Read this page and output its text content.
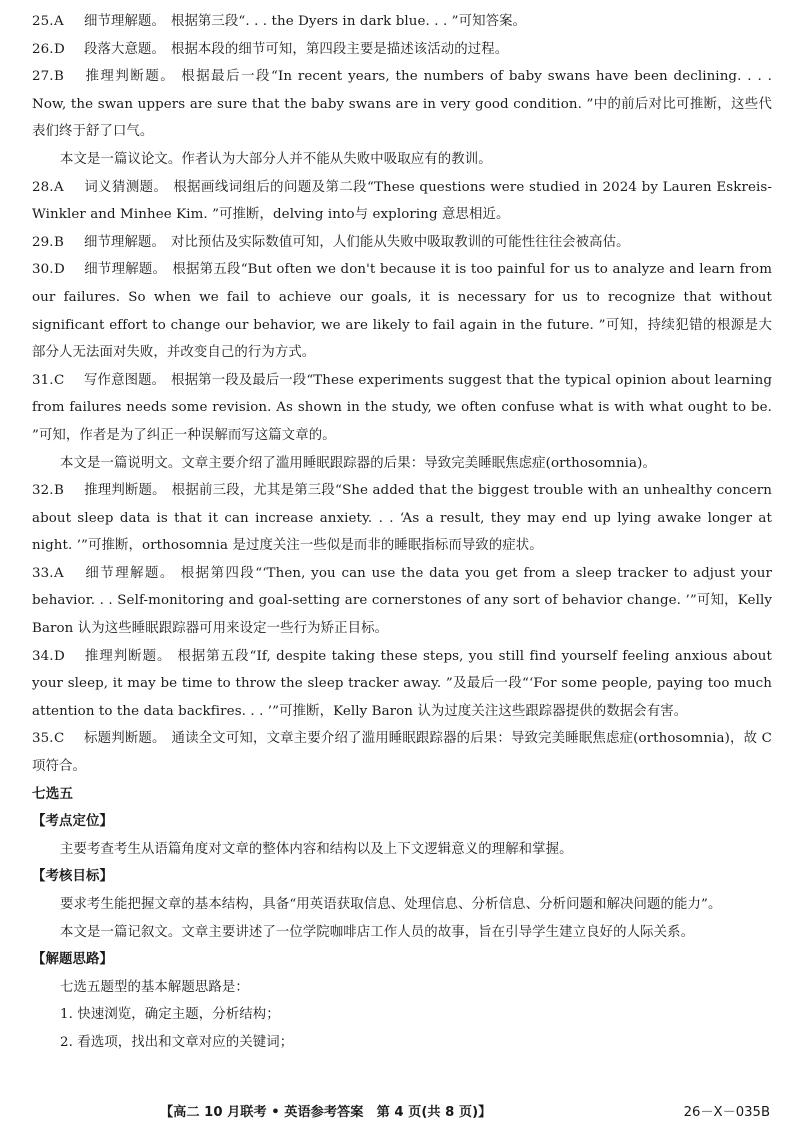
25.A 细节理解题。 根据第三段“. . . the Dyers in dark blue. . . ”可知答案。

26.D 段落大意题。 根据本段的细节可知，第四段主要是描述该活动的过程。

27.B 推理判断题。 根据最后一段“In recent years, the numbers of baby swans have been declining. . . . Now, the swan uppers are sure that the baby swans are in very good condition. ”中的前后对比可推断，这些代表们终于舒了口气。

本文是一篇议论文。作者认为大部分人并不能从失败中吸取应有的教训。

28.A 词义猜测题。 根据画线词组后的问题及第二段“These questions were studied in 2024 by Lauren Eskreis-Winkler and Minhee Kim. ”可推断，delving into与 exploring 意思相近。

29.B 细节理解题。 对比预估及实际数值可知，人们能从失败中吸取教训的可能性往往会被高估。

30.D 细节理解题。 根据第五段“But often we don't because it is too painful for us to analyze and learn from our failures. So when we fail to achieve our goals, it is necessary for us to recognize that without significant effort to change our behavior, we are likely to fail again in the future. ”可知，持续犯错的根源是大部分人无法面对失败，并改变自己的行为方式。

31.C 写作意图题。 根据第一段及最后一段“These experiments suggest that the typical opinion about learning from failures needs some revision. As shown in the study, we often confuse what is with what ought to be. ”可知，作者是为了纠正一种误解而写这篇文章的。

本文是一篇说明文。文章主要介绍了滥用睡眠跟踪器的后果：导致完美睡眠焦虑症(orthosomnia)。

32.B 推理判断题。 根据前三段，尤其是第三段“She added that the biggest trouble with an unhealthy concern about sleep data is that it can increase anxiety. . . ‘As a result, they may end up lying awake longer at night. ’”可推断，orthosomnia 是过度关注一些似是而非的睡眠指标而导致的症状。

33.A 细节理解题。 根据第四段“‘Then, you can use the data you get from a sleep tracker to adjust your behavior. . . Self-monitoring and goal-setting are cornerstones of any sort of behavior change. ’”可知，Kelly Baron 认为这些睡眠跟踪器可用来设定一些行为矫正目标。

34.D 推理判断题。 根据第五段“If, despite taking these steps, you still find yourself feeling anxious about your sleep, it may be time to throw the sleep tracker away. ”及最后一段“‘For some people, paying too much attention to the data backfires. . . ’”可推断，Kelly Baron 认为过度关注这些跟踪器提供的数据会有害。

35.C 标题判断题。 通读全文可知，文章主要介绍了滥用睡眠跟踪器的后果：导致完美睡眠焦虑症(orthosomnia)，故 C 项符合。

七选五

【考点定位】

主要考查考生从语篇角度对文章的整体内容和结构以及上下文逻辑意义的理解和掌握。

【考核目标】

要求考生能把握文章的基本结构，具备“用英语获取信息、处理信息、分析信息、分析问题和解决问题的能力”。

本文是一篇记叙文。文章主要讲述了一位学院咖啡店工作人员的故事，旨在引导学生建立良好的人际关系。

【解题思路】

七选五题型的基本解题思路是：

1. 快速浏览，确定主题，分析结构；

2. 看选项，找出和文章对应的关键词；

【高二 10 月联考 • 英语参考答案　第 4 页(共 8 页)】	26－X－035B
